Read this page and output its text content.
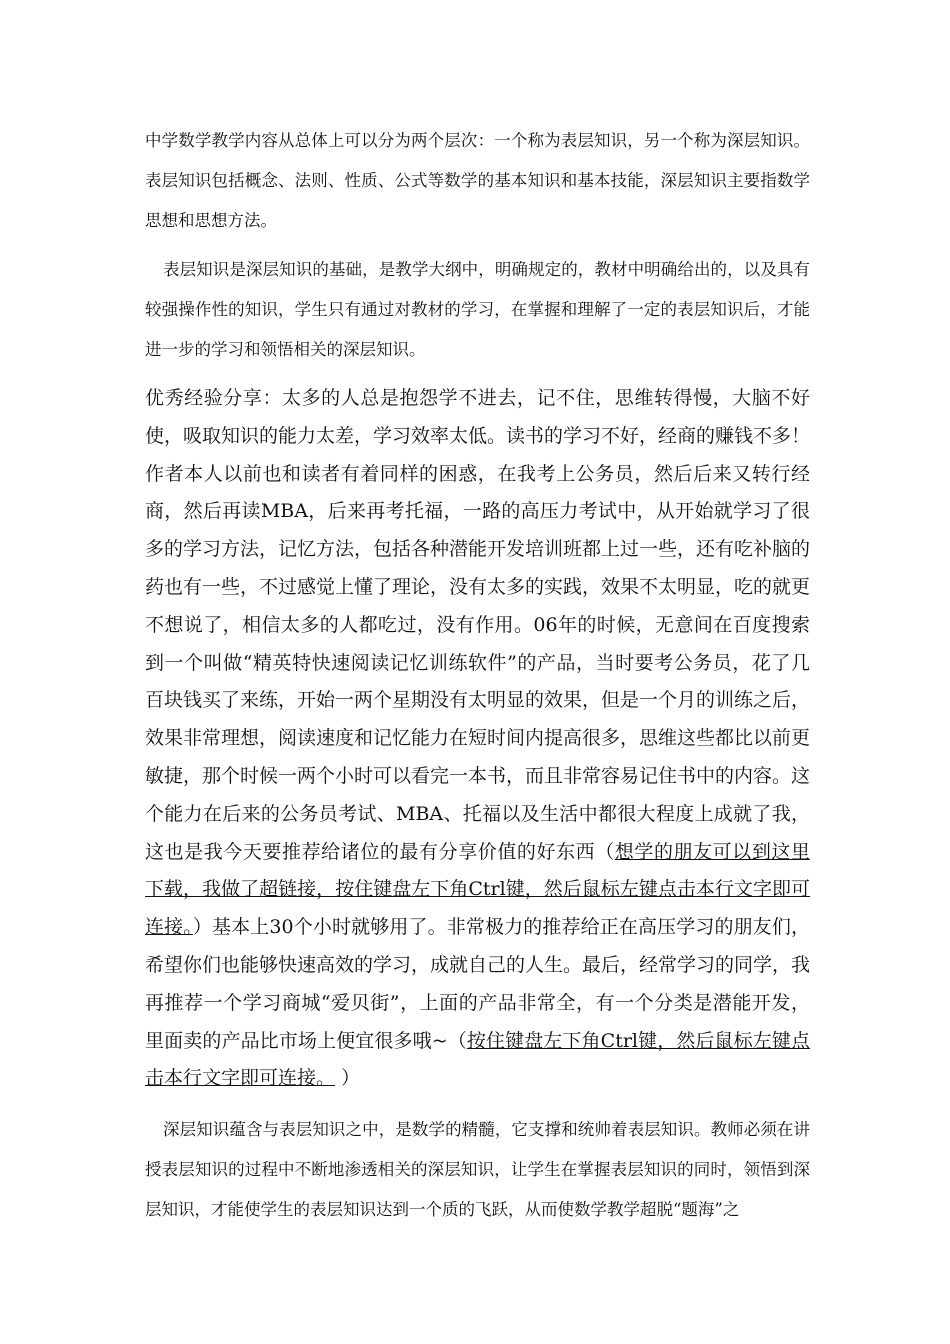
中学数学教学内容从总体上可以分为两个层次：一个称为表层知识，另一个称为深层知识。表层知识包括概念、法则、性质、公式等数学的基本知识和基本技能，深层知识主要指数学思想和思想方法。

表层知识是深层知识的基础，是教学大纲中，明确规定的，教材中明确给出的，以及具有较强操作性的知识，学生只有通过对教材的学习，在掌握和理解了一定的表层知识后，才能进一步的学习和领悟相关的深层知识。

优秀经验分享：太多的人总是抱怨学不进去，记不住，思维转得慢，大脑不好使，吸取知识的能力太差，学习效率太低。读书的学习不好，经商的赚钱不多！作者本人以前也和读者有着同样的困惑，在我考上公务员，然后后来又转行经商，然后再读MBA，后来再考托福，一路的高压力考试中，从开始就学习了很多的学习方法，记忆方法，包括各种潜能开发培训班都上过一些，还有吃补脑的药也有一些，不过感觉上懂了理论，没有太多的实践，效果不太明显，吃的就更不想说了，相信太多的人都吃过，没有作用。06年的时候，无意间在百度搜索到一个叫做“精英特快速阅读记忆训练软件”的产品，当时要考公务员，花了几百块钱买了来练，开始一两个星期没有太明显的效果，但是一个月的训练之后，效果非常理想，阅读速度和记忆能力在短时间内提高很多，思维这些都比以前更敏捷，那个时候一两个小时可以看完一本书，而且非常容易记住书中的内容。这个能力在后来的公务员考试、MBA、托福以及生活中都很大程度上成就了我，这也是我今天要推荐给诸位的最有分享价值的好东西（想学的朋友可以到这里下载，我做了超链接，按住键盘左下角Ctrl键，然后鼠标左键点击本行文字即可连接。）基本上30个小时就够用了。非常极力的推荐给正在高压学习的朋友们，希望你们也能够快速高效的学习，成就自己的人生。最后，经常学习的同学，我再推荐一个学习商城“爱贝街”，上面的产品非常全，有一个分类是潜能开发，里面卖的产品比市场上便宜很多哦~（按住键盘左下角Ctrl键，然后鼠标左键点击本行文字即可连接。 ）

深层知识蕴含与表层知识之中，是数学的精髓，它支撑和统帅着表层知识。教师必须在讲授表层知识的过程中不断地渗透相关的深层知识，让学生在掌握表层知识的同时，领悟到深层知识，才能使学生的表层知识达到一个质的飞跃，从而使数学教学超脱“题海”之
